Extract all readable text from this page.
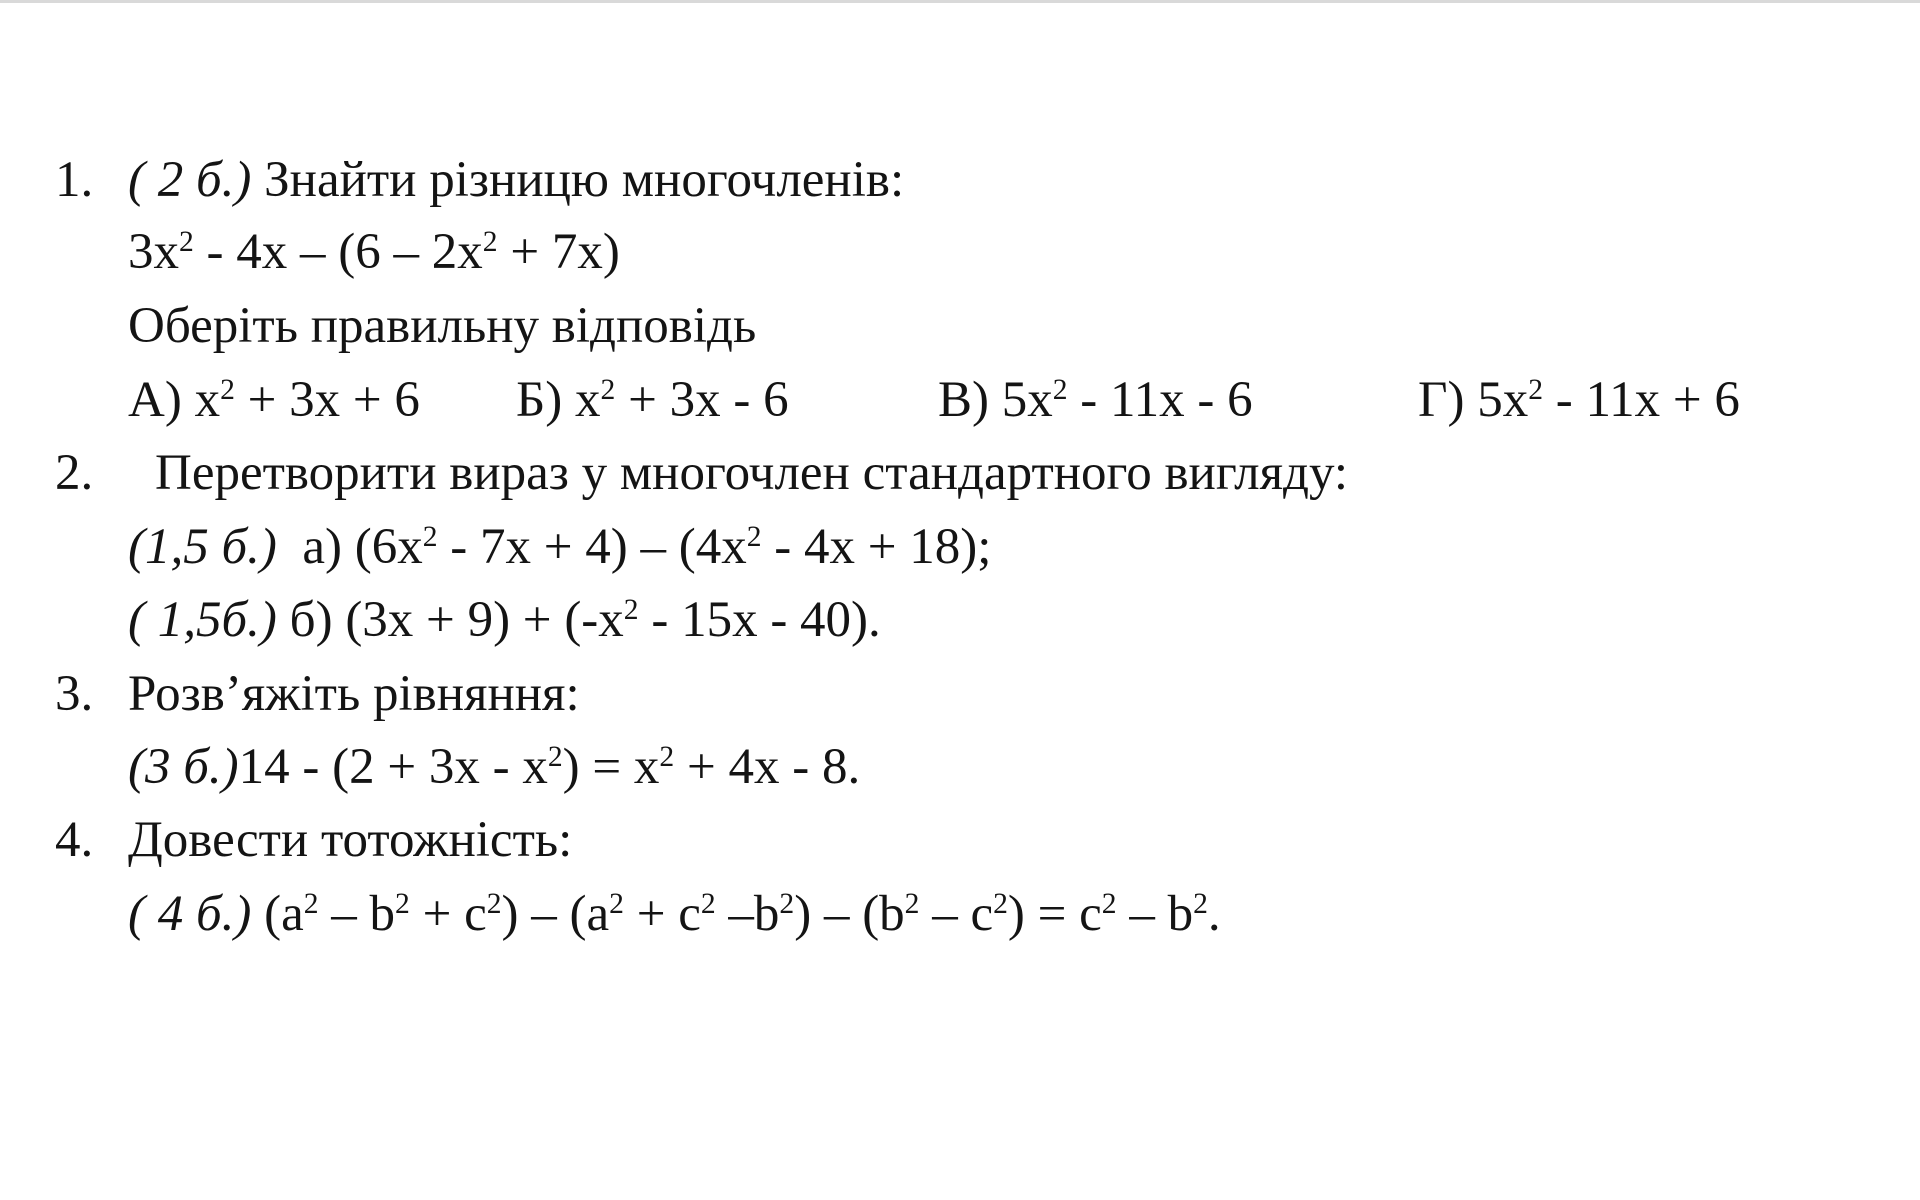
1. ( 2 б.) Знайти різницю многочленів:
$3x^2 - 4x - (6 - 2x^2 + 7x)$
Оберіть правильну відповідь
А) $x^2 + 3x + 6$ Б) $x^2 + 3x - 6$	В) $5x^2 - 11x - 6$	Г) $5x^2 - 11x + 6$
2. Перетворити вираз у многочлен стандартного вигляду:
(1,5 б.) а) $(6x^2 - 7x + 4) - (4x^2 - 4x + 18)$;
( 1,5б.) б) $(3x + 9) + (-x^2 - 15x - 40)$.
3. Розв’яжіть рівняння:
(3 $б.)14 - (2 + 3x - x^2) = x^2 + 4x - 8$.
4. Довести тотожність:
( 4 б.) $(a^2 - b^2 + c^2) - (a^2 + c^2$ $-b^2) - (b^2 - c^2) = c^2 - b^2$.
